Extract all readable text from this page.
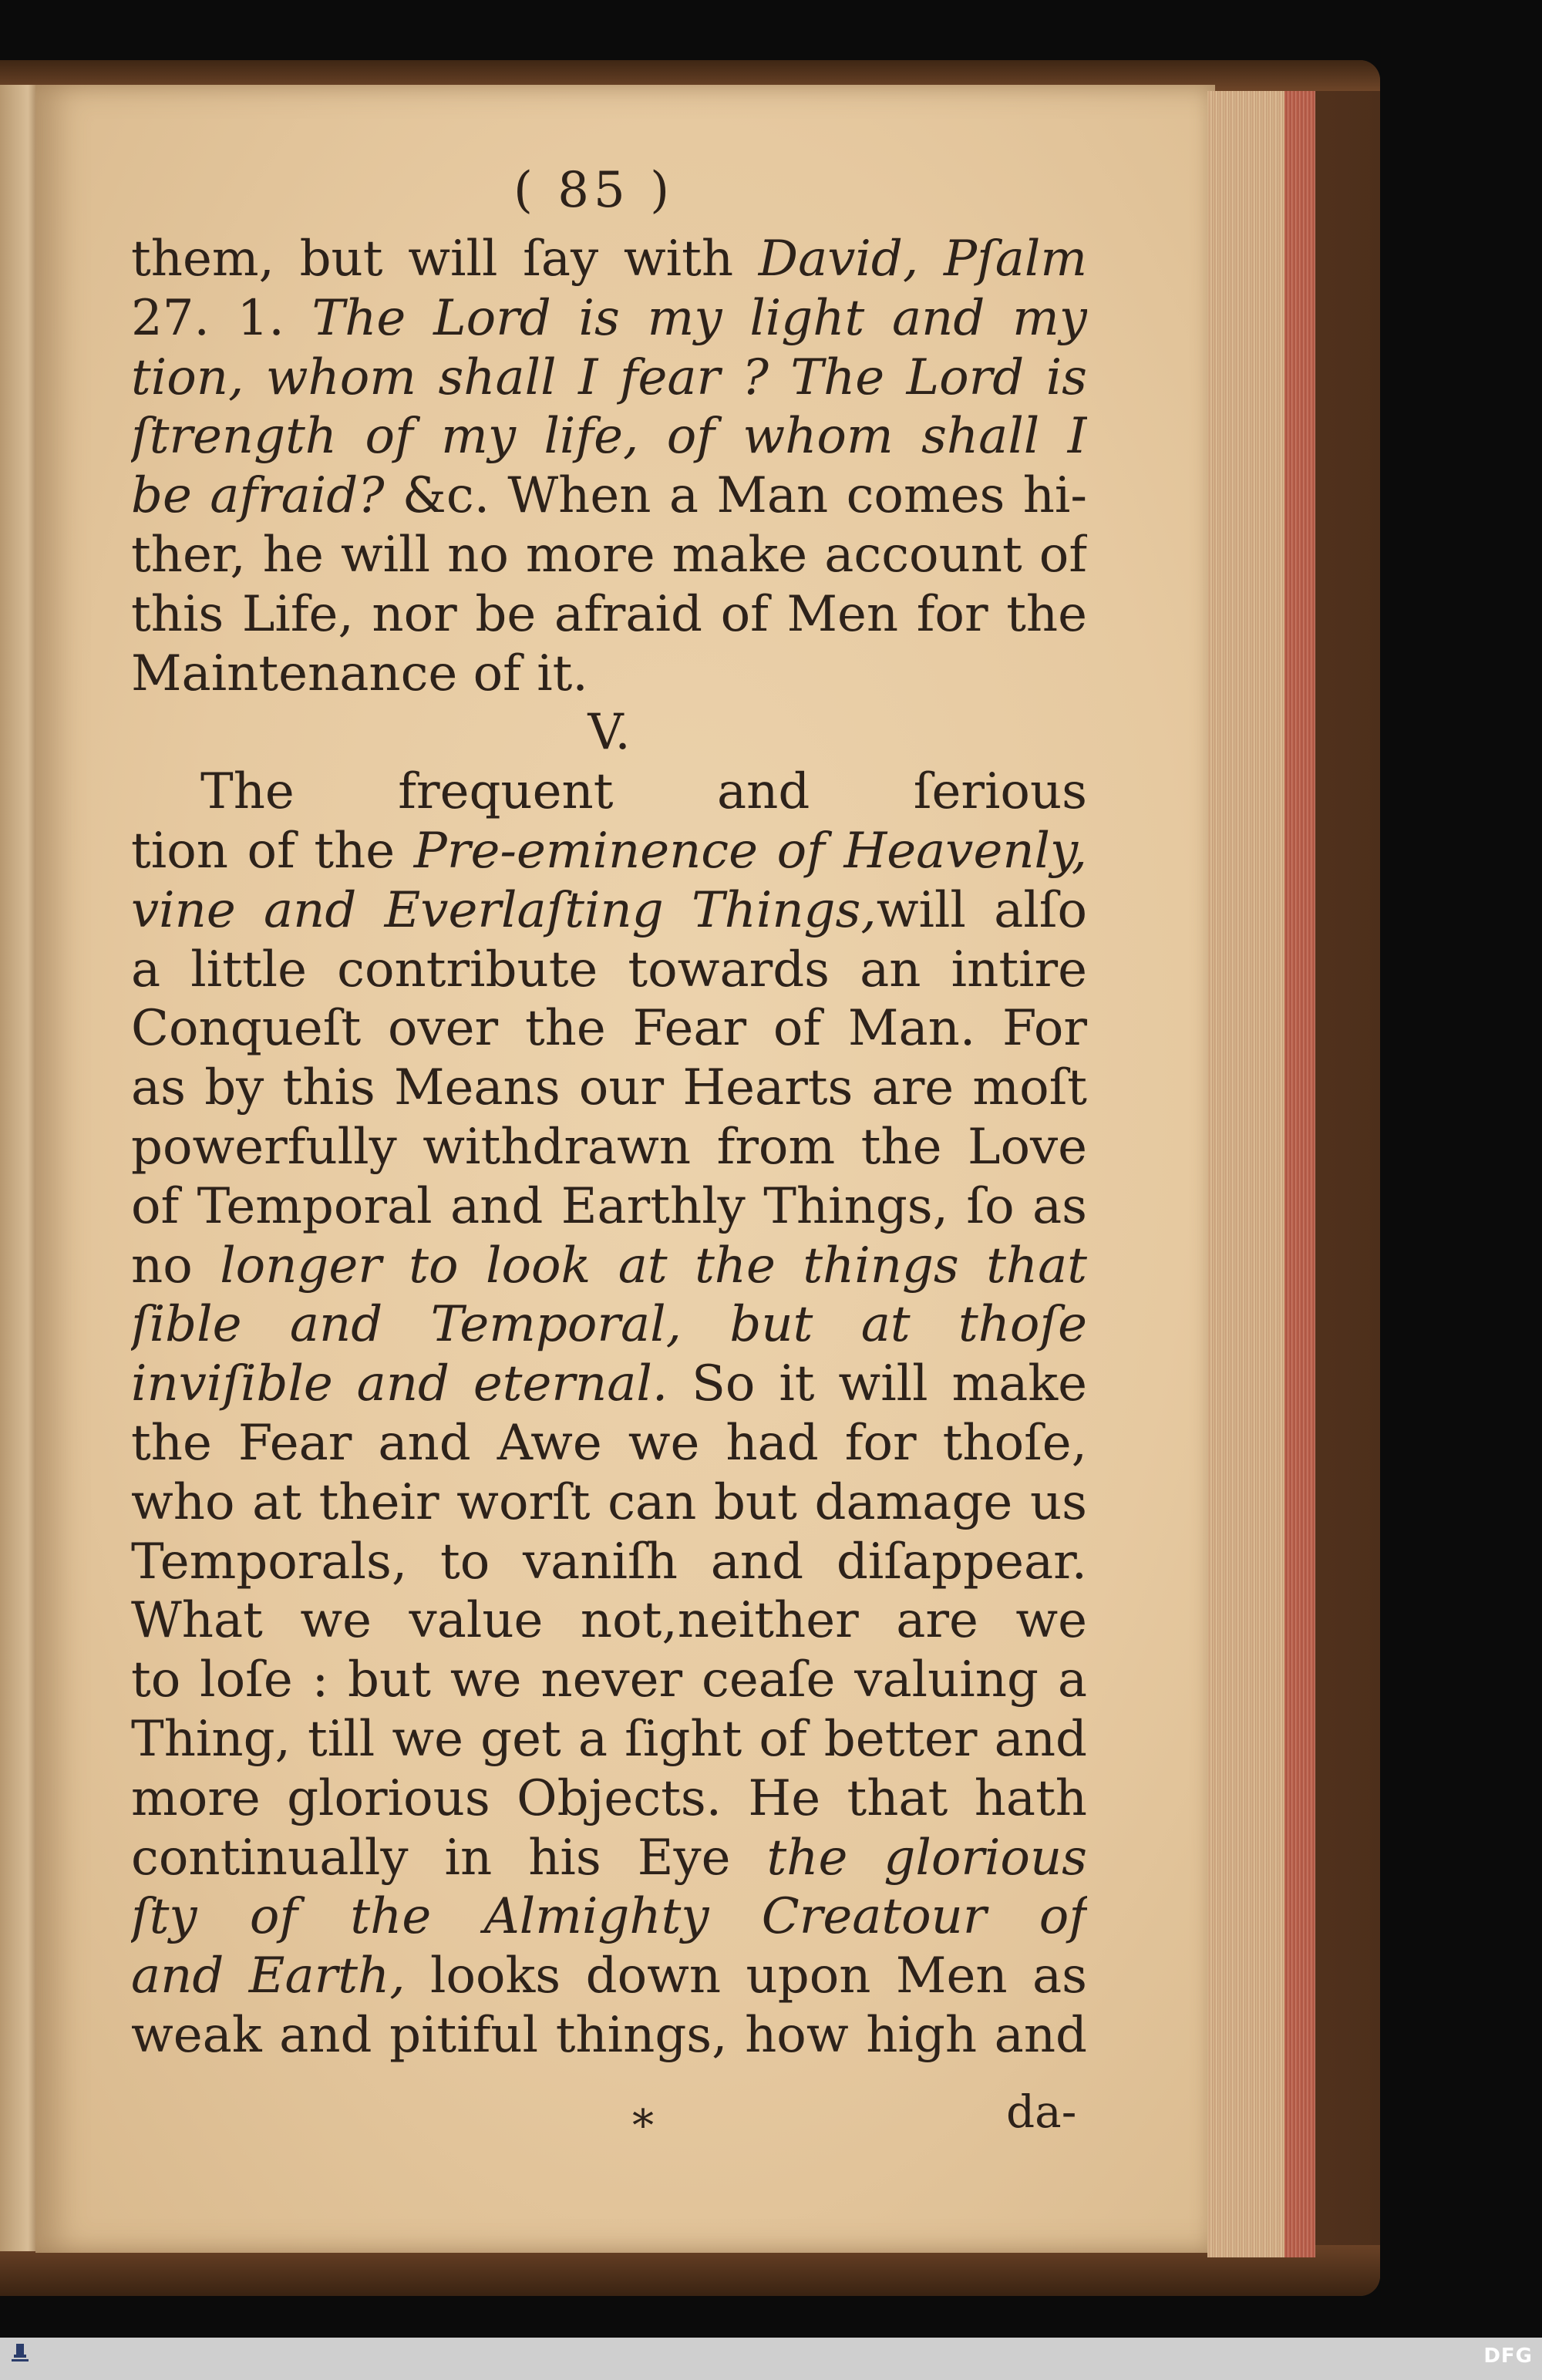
( 85 )
them, but will ſay with David, Pſalm
27. 1. The Lord is my light and my
tion, whom shall I fear ? The Lord is
ſtrength of my life, of whom shall I
be afraid? &c. When a Man comes hi-
ther, he will no more make account of
this Life, nor be afraid of Men for the
Maintenance of it.
V.
The frequent and ſerious
tion of the Pre-eminence of Heavenly,
vine and Everlaſting Things,will alſo
a little contribute towards an intire
Conqueſt over the Fear of Man. For
as by this Means our Hearts are moſt
powerfully withdrawn from the Love
of Temporal and Earthly Things, ſo as
no longer to look at the things that
ſible and Temporal, but at thoſe
inviſible and eternal. So it will make
the Fear and Awe we had for thoſe,
who at their worſt can but damage us
Temporals, to vaniſh and diſappear.
What we value not,neither are we
to loſe : but we never ceaſe valuing a
Thing, till we get a ſight of better and
more glorious Objects. He that hath
continually in his Eye the glorious
ſty of the Almighty Creatour of
and Earth, looks down upon Men as
weak and pitiful things, how high and
*	da-
DFG
